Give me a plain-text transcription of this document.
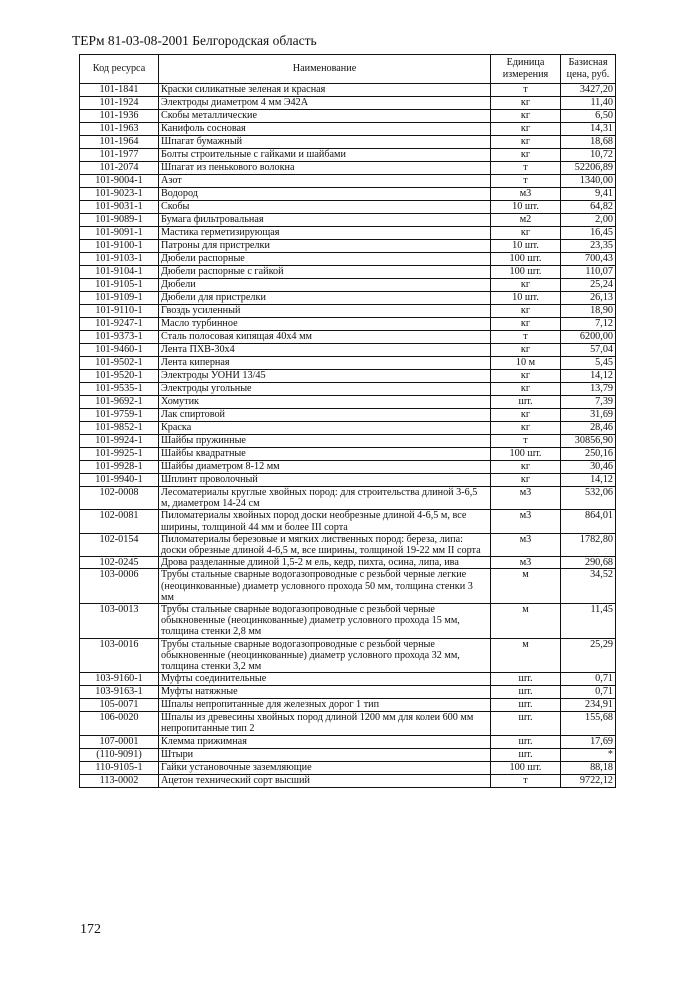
ТЕРм 81-03-08-2001 Белгородская область
Код ресурса	Наименование	Единица измерения	Базисная цена, руб.
101-1841	Краски силикатные зеленая и красная	т	3427,20
101-1924	Электроды диаметром 4 мм Э42А	кг	11,40
101-1936	Скобы металлические	кг	6,50
101-1963	Канифоль сосновая	кг	14,31
101-1964	Шпагат бумажный	кг	18,68
101-1977	Болты строительные с гайками и шайбами	кг	10,72
101-2074	Шпагат из пенькового волокна	т	52206,89
101-9004-1	Азот	т	1340,00
101-9023-1	Водород	м3	9,41
101-9031-1	Скобы	10 шт.	64,82
101-9089-1	Бумага фильтровальная	м2	2,00
101-9091-1	Мастика герметизирующая	кг	16,45
101-9100-1	Патроны для пристрелки	10 шт.	23,35
101-9103-1	Дюбели распорные	100 шт.	700,43
101-9104-1	Дюбели распорные с гайкой	100 шт.	110,07
101-9105-1	Дюбели	кг	25,24
101-9109-1	Дюбели для пристрелки	10 шт.	26,13
101-9110-1	Гвоздь усиленный	кг	18,90
101-9247-1	Масло турбинное	кг	7,12
101-9373-1	Сталь полосовая кипящая 40х4 мм	т	6200,00
101-9460-1	Лента ПХВ-30х4	кг	57,04
101-9502-1	Лента киперная	10 м	5,45
101-9520-1	Электроды УОНИ 13/45	кг	14,12
101-9535-1	Электроды угольные	кг	13,79
101-9692-1	Хомутик	шт.	7,39
101-9759-1	Лак спиртовой	кг	31,69
101-9852-1	Краска	кг	28,46
101-9924-1	Шайбы пружинные	т	30856,90
101-9925-1	Шайбы квадратные	100 шт.	250,16
101-9928-1	Шайбы диаметром 8-12 мм	кг	30,46
101-9940-1	Шплинт проволочный	кг	14,12
102-0008	Лесоматериалы круглые хвойных пород: для строительства длиной 3-6,5 м, диаметром 14-24 см	м3	532,06
102-0081	Пиломатериалы хвойных пород доски необрезные длиной 4-6,5 м, все ширины, толщиной 44 мм и более III сорта	м3	864,01
102-0154	Пиломатериалы березовые и мягких лиственных пород: береза, липа: доски обрезные длиной 4-6,5 м, все ширины, толщиной 19-22 мм II сорта	м3	1782,80
102-0245	Дрова разделанные длиной 1,5-2 м ель, кедр, пихта, осина, липа, ива	м3	290,68
103-0006	Трубы стальные сварные водогазопроводные с резьбой черные легкие (неоцинкованные) диаметр условного прохода 50 мм, толщина стенки 3 мм	м	34,52
103-0013	Трубы стальные сварные водогазопроводные с резьбой черные обыкновенные (неоцинкованные) диаметр условного прохода 15 мм, толщина стенки 2,8 мм	м	11,45
103-0016	Трубы стальные сварные водогазопроводные с резьбой черные обыкновенные (неоцинкованные) диаметр условного прохода 32 мм, толщина стенки 3,2 мм	м	25,29
103-9160-1	Муфты соединительные	шт.	0,71
103-9163-1	Муфты натяжные	шт.	0,71
105-0071	Шпалы непропитанные для железных дорог 1 тип	шт.	234,91
106-0020	Шпалы из древесины хвойных пород длиной 1200 мм для колеи 600 мм непропитанные тип 2	шт.	155,68
107-0001	Клемма прижимная	шт.	17,69
(110-9091)	Штыри	шт.	*
110-9105-1	Гайки установочные заземляющие	100 шт.	88,18
113-0002	Ацетон технический сорт высший	т	9722,12
172
